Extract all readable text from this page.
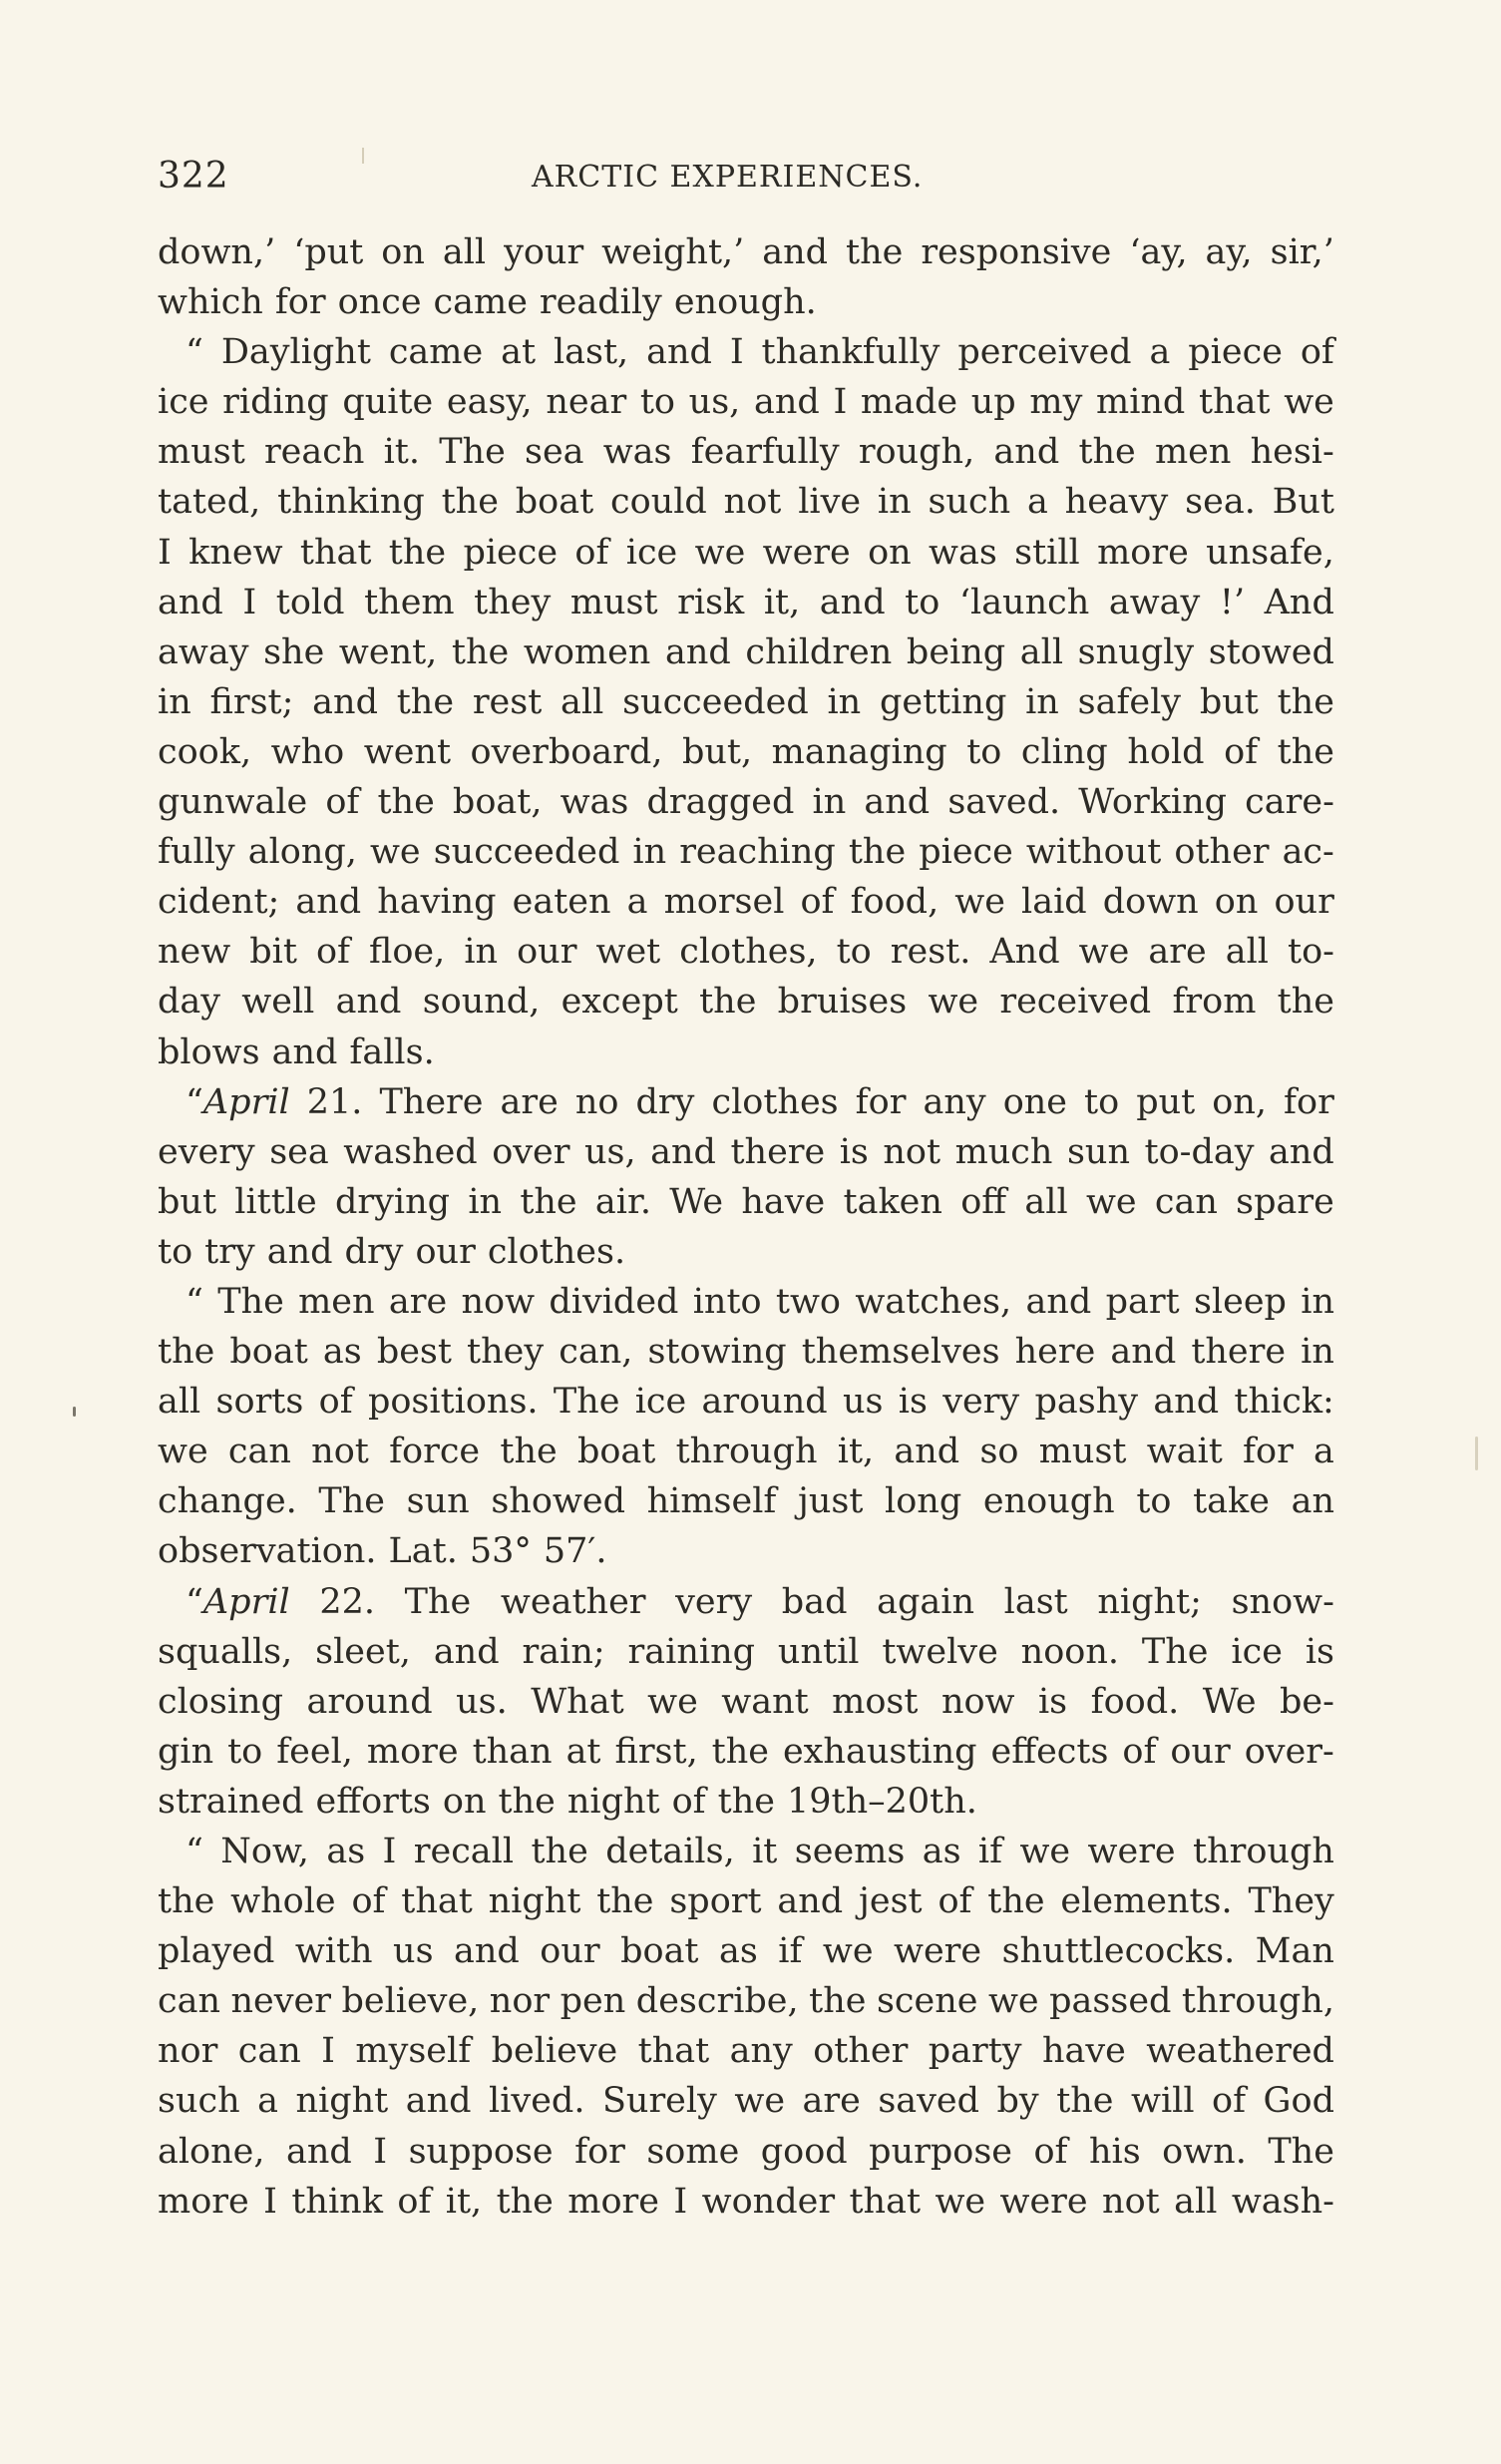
322	ARCTIC EXPERIENCES.
down,’ ‘put on all your weight,’ and the responsive ‘ay, ay, sir,’
which for once came readily enough.
“ Daylight came at last, and I thankfully perceived a piece of
ice riding quite easy, near to us, and I made up my mind that we
must reach it. The sea was fearfully rough, and the men hesi-
tated, thinking the boat could not live in such a heavy sea. But
I knew that the piece of ice we were on was still more unsafe,
and I told them they must risk it, and to ‘launch away !’ And
away she went, the women and children being all snugly stowed
in first; and the rest all succeeded in getting in safely but the
cook, who went overboard, but, managing to cling hold of the
gunwale of the boat, was dragged in and saved. Working care-
fully along, we succeeded in reaching the piece without other ac-
cident; and having eaten a morsel of food, we laid down on our
new bit of floe, in our wet clothes, to rest. And we are all to-
day well and sound, except the bruises we received from the
blows and falls.
“April 21. There are no dry clothes for any one to put on, for
every sea washed over us, and there is not much sun to-day and
but little drying in the air. We have taken off all we can spare
to try and dry our clothes.
“ The men are now divided into two watches, and part sleep in
the boat as best they can, stowing themselves here and there in
all sorts of positions. The ice around us is very pashy and thick:
we can not force the boat through it, and so must wait for a
change. The sun showed himself just long enough to take an
observation. Lat. 53° 57′.
“April 22. The weather very bad again last night; snow-
squalls, sleet, and rain; raining until twelve noon. The ice is
closing around us. What we want most now is food. We be-
gin to feel, more than at first, the exhausting effects of our over-
strained efforts on the night of the 19th–20th.
“ Now, as I recall the details, it seems as if we were through
the whole of that night the sport and jest of the elements. They
played with us and our boat as if we were shuttlecocks. Man
can never believe, nor pen describe, the scene we passed through,
nor can I myself believe that any other party have weathered
such a night and lived. Surely we are saved by the will of God
alone, and I suppose for some good purpose of his own. The
more I think of it, the more I wonder that we were not all wash-
